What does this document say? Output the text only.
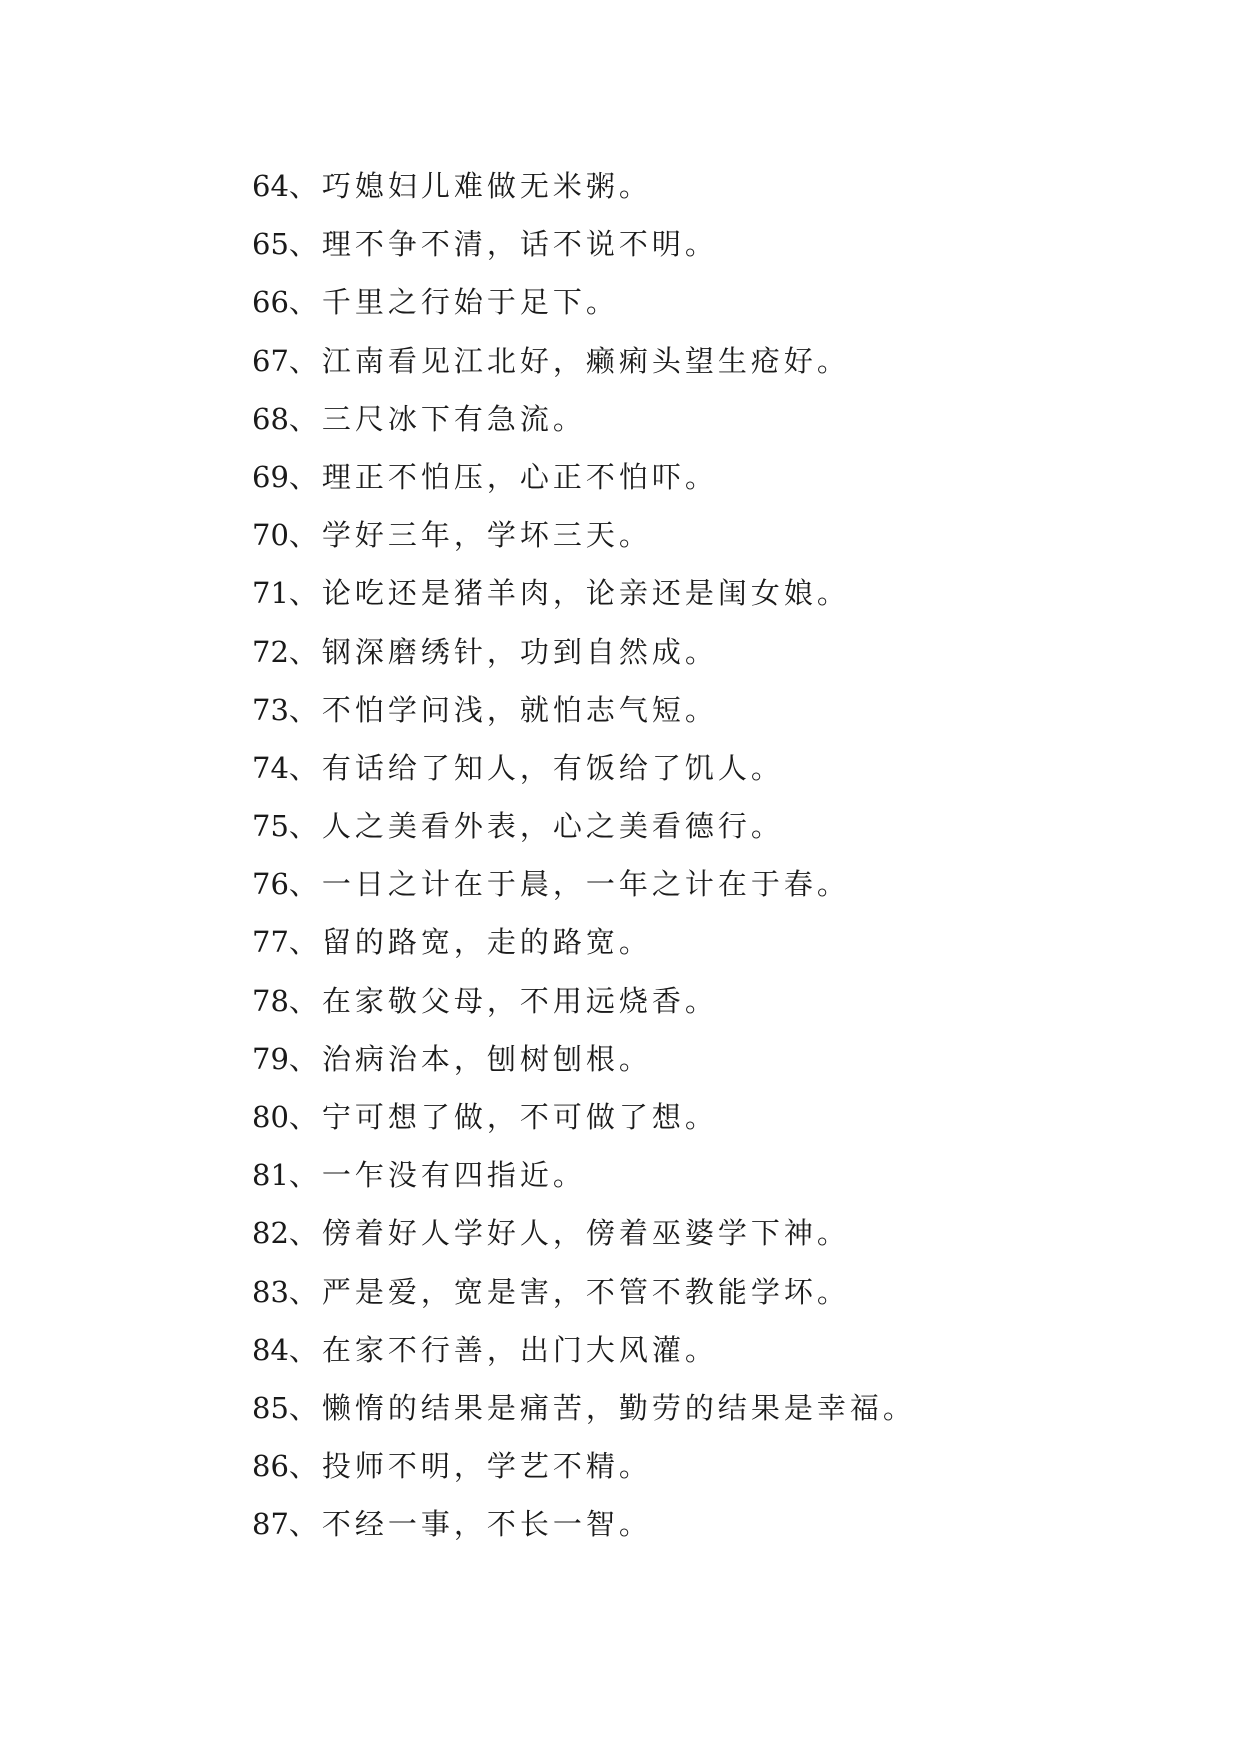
64、巧媳妇儿难做无米粥。
65、理不争不清，话不说不明。
66、千里之行始于足下。
67、江南看见江北好，癞痢头望生疮好。
68、三尺冰下有急流。
69、理正不怕压，心正不怕吓。
70、学好三年，学坏三天。
71、论吃还是猪羊肉，论亲还是闺女娘。
72、钢深磨绣针，功到自然成。
73、不怕学问浅，就怕志气短。
74、有话给了知人，有饭给了饥人。
75、人之美看外表，心之美看德行。
76、一日之计在于晨，一年之计在于春。
77、留的路宽，走的路宽。
78、在家敬父母，不用远烧香。
79、治病治本，刨树刨根。
80、宁可想了做，不可做了想。
81、一乍没有四指近。
82、傍着好人学好人，傍着巫婆学下神。
83、严是爱，宽是害，不管不教能学坏。
84、在家不行善，出门大风灌。
85、懒惰的结果是痛苦，勤劳的结果是幸福。
86、投师不明，学艺不精。
87、不经一事，不长一智。
